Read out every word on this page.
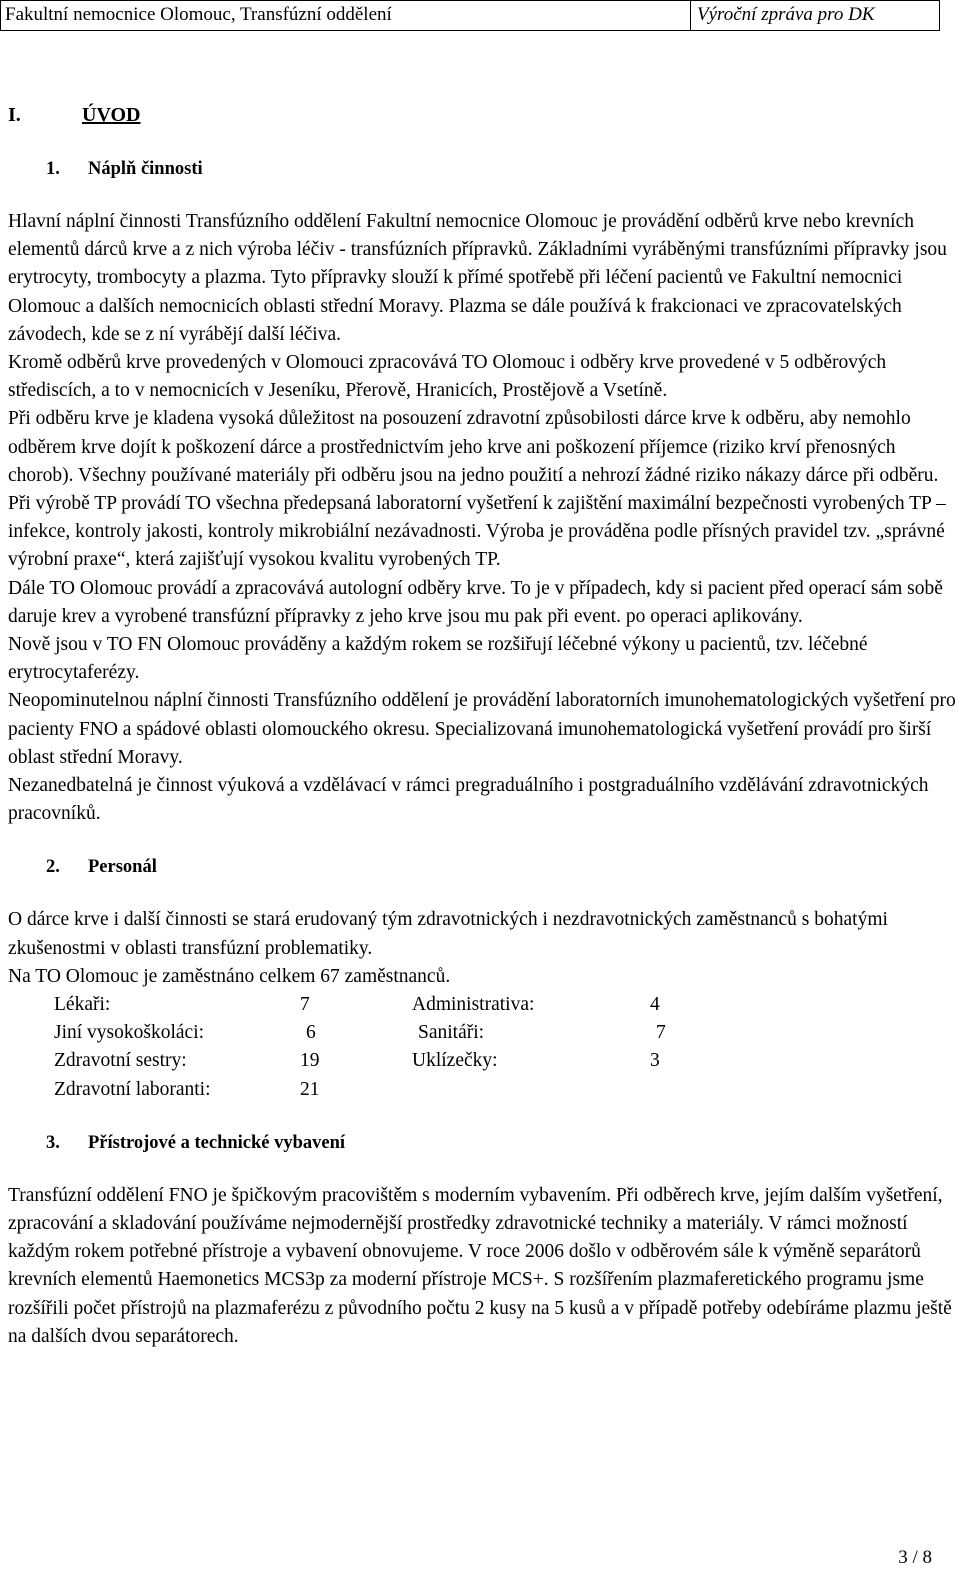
Fakultní nemocnice Olomouc, Transfúzní oddělení	Výroční zpráva pro DK
I.	ÚVOD
1. Náplň činnosti

Hlavní náplní činnosti Transfúzního oddělení Fakultní nemocnice Olomouc je provádění odběrů krve nebo krevních elementů dárců krve a z nich výroba léčiv - transfúzních přípravků. Základními vyráběnými transfúzními přípravky jsou erytrocyty, trombocyty a plazma. Tyto přípravky slouží k přímé spotřebě při léčení pacientů ve Fakultní nemocnici Olomouc a dalších nemocnicích oblasti střední Moravy. Plazma se dále používá k frakcionaci ve zpracovatelských závodech, kde se z ní vyrábějí další léčiva.

Kromě odběrů krve provedených v Olomouci zpracovává TO Olomouc i odběry krve provedené v 5 odběrových střediscích, a to v nemocnicích v Jeseníku, Přerově, Hranicích, Prostějově a Vsetíně.

Při odběru krve je kladena vysoká důležitost na posouzení zdravotní způsobilosti dárce krve k odběru, aby nemohlo odběrem krve dojít k poškození dárce a prostřednictvím jeho krve ani poškození příjemce (riziko krví přenosných chorob). Všechny používané materiály při odběru jsou na jedno použití a nehrozí žádné riziko nákazy dárce při odběru.

Při výrobě TP provádí TO všechna předepsaná laboratorní vyšetření k zajištění maximální bezpečnosti vyrobených TP – infekce, kontroly jakosti, kontroly mikrobiální nezávadnosti. Výroba je prováděna podle přísných pravidel tzv. „správné výrobní praxe“, která zajišťují vysokou kvalitu vyrobených TP.

Dále TO Olomouc provádí a zpracovává autologní odběry krve. To je v případech, kdy si pacient před operací sám sobě daruje krev a vyrobené transfúzní přípravky z jeho krve jsou mu pak při event. po operaci aplikovány.

Nově jsou v TO FN Olomouc prováděny a každým rokem se rozšiřují léčebné výkony u pacientů, tzv. léčebné erytrocytaferézy.

Neopominutelnou náplní činnosti Transfúzního oddělení je provádění laboratorních imunohematologických vyšetření pro pacienty FNO a spádové oblasti olomouckého okresu. Specializovaná imunohematologická vyšetření provádí pro širší oblast střední Moravy.

Nezanedbatelná je činnost výuková a vzdělávací v rámci pregraduálního i postgraduálního vzdělávání zdravotnických pracovníků.

2. Personál

O dárce krve i další činnosti se stará erudovaný tým zdravotnických i nezdravotnických zaměstnanců s bohatými zkušenostmi v oblasti transfúzní problematiky.

Na TO Olomouc je zaměstnáno celkem 67 zaměstnanců.

Lékaři:	7	Administrativa:	4
Jiní vysokoškoláci:	6	Sanitáři:	7
Zdravotní sestry:	19	Uklízečky:	3
Zdravotní laboranti:	21
3. Přístrojové a technické vybavení

Transfúzní oddělení FNO je špičkovým pracovištěm s moderním vybavením. Při odběrech krve, jejím dalším vyšetření, zpracování a skladování používáme nejmodernější prostředky zdravotnické techniky a materiály. V rámci možností každým rokem potřebné přístroje a vybavení obnovujeme. V roce 2006 došlo v odběrovém sále k výměně separátorů krevních elementů Haemonetics MCS3p za moderní přístroje MCS+. S rozšířením plazmaferetického programu jsme rozšířili počet přístrojů na plazmaferézu z původního počtu 2 kusy na 5 kusů a v případě potřeby odebíráme plazmu ještě na dalších dvou separátorech.

3 / 8
